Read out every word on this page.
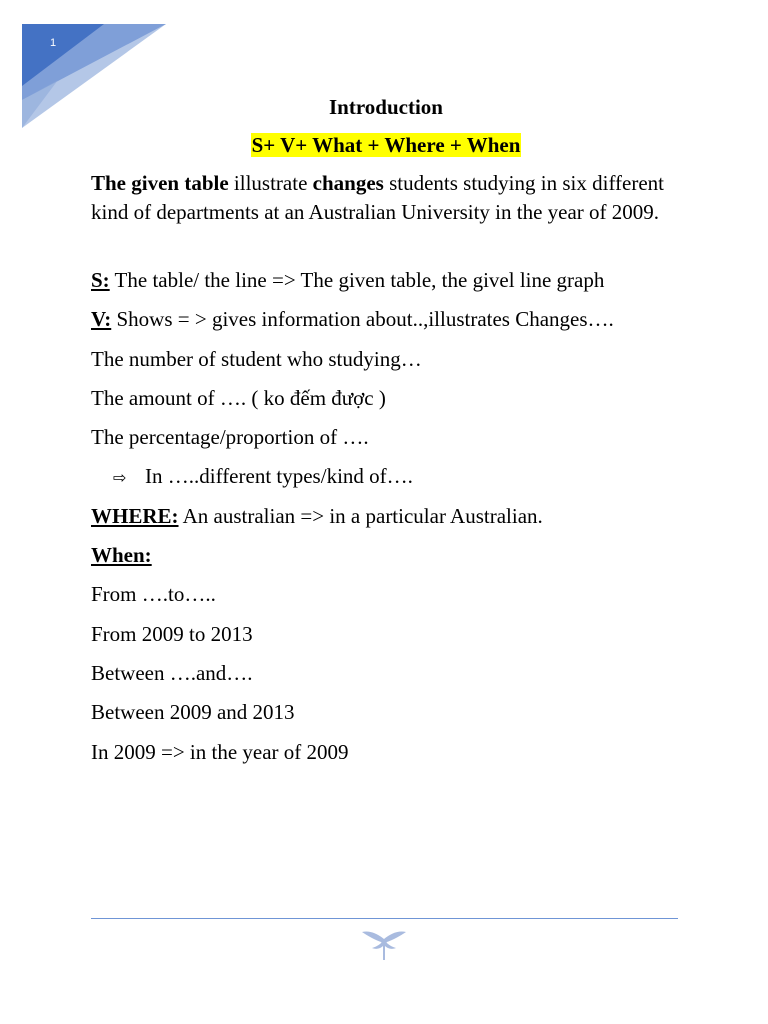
1
Introduction
S+ V+ What + Where + When

The given table illustrate changes students studying in six different kind of departments at an Australian University in the year of 2009.

S: The table/ the line => The given table, the givel line graph

V: Shows = > gives information about..,illustrates Changes….

The number of student who studying…

The amount of …. ( ko đếm được )

The percentage/proportion of ….

⇨ In …..different types/kind of….

WHERE: An australian => in a particular Australian.

When:

From ….to…..

From 2009 to 2013

Between ….and….

Between 2009 and 2013

In 2009 => in the year of 2009
